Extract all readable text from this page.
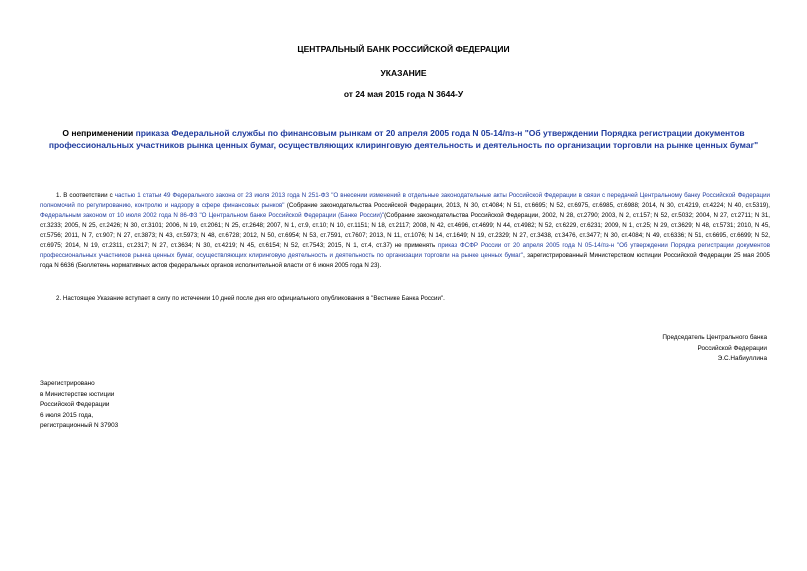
ЦЕНТРАЛЬНЫЙ БАНК РОССИЙСКОЙ ФЕДЕРАЦИИ
УКАЗАНИЕ
от 24 мая 2015 года N 3644-У
О неприменении приказа Федеральной службы по финансовым рынкам от 20 апреля 2005 года N 05-14/пз-н "Об утверждении Порядка регистрации документов профессиональных участников рынка ценных бумаг, осуществляющих клиринговую деятельность и деятельность по организации торговли на рынке ценных бумаг"
1. В соответствии с частью 1 статьи 49 Федерального закона от 23 июля 2013 года N 251-ФЗ "О внесении изменений в отдельные законодательные акты Российской Федерации в связи с передачей Центральному банку Российской Федерации полномочий по регулированию, контролю и надзору в сфере финансовых рынков" (Собрание законодательства Российской Федерации, 2013, N 30, ст.4084; N 51, ст.6695; N 52, ст.6975, ст.6985, ст.6988; 2014, N 30, ст.4219, ст.4224; N 40, ст.5319), Федеральным законом от 10 июля 2002 года N 86-ФЗ "О Центральном банке Российской Федерации (Банке России)"(Собрание законодательства Российской Федерации, 2002, N 28, ст.2790; 2003, N 2, ст.157; N 52, ст.5032; 2004, N 27, ст.2711; N 31, ст.3233; 2005, N 25, ст.2426; N 30, ст.3101; 2006, N 19, ст.2061; N 25, ст.2648; 2007, N 1, ст.9, ст.10; N 10, ст.1151; N 18, ст.2117; 2008, N 42, ст.4696, ст.4699; N 44, ст.4982; N 52, ст.6229, ст.6231; 2009, N 1, ст.25; N 29, ст.3629; N 48, ст.5731; 2010, N 45, ст.5756; 2011, N 7, ст.907; N 27, ст.3873; N 43, ст.5973; N 48, ст.6728; 2012, N 50, ст.6954; N 53, ст.7591, ст.7607; 2013, N 11, ст.1076; N 14, ст.1649; N 19, ст.2329; N 27, ст.3438, ст.3476, ст.3477; N 30, ст.4084; N 49, ст.6336; N 51, ст.6695, ст.6699; N 52, ст.6975; 2014, N 19, ст.2311, ст.2317; N 27, ст.3634; N 30, ст.4219; N 45, ст.6154; N 52, ст.7543; 2015, N 1, ст.4, ст.37) не применять приказ ФСФР России от 20 апреля 2005 года N 05-14/пз-н "Об утверждении Порядка регистрации документов профессиональных участников рынка ценных бумаг, осуществляющих клиринговую деятельность и деятельность по организации торговли на рынке ценных бумаг", зарегистрированный Министерством юстиции Российской Федерации 25 мая 2005 года N 6636 (Бюллетень нормативных актов федеральных органов исполнительной власти от 6 июня 2005 года N 23).
2. Настоящее Указание вступает в силу по истечении 10 дней после дня его официального опубликования в "Вестнике Банка России".
Председатель Центрального банка
Российской Федерации
Э.С.Набиуллина
Зарегистрировано
в Министерстве юстиции
Российской Федерации
6 июля 2015 года,
регистрационный N 37903
